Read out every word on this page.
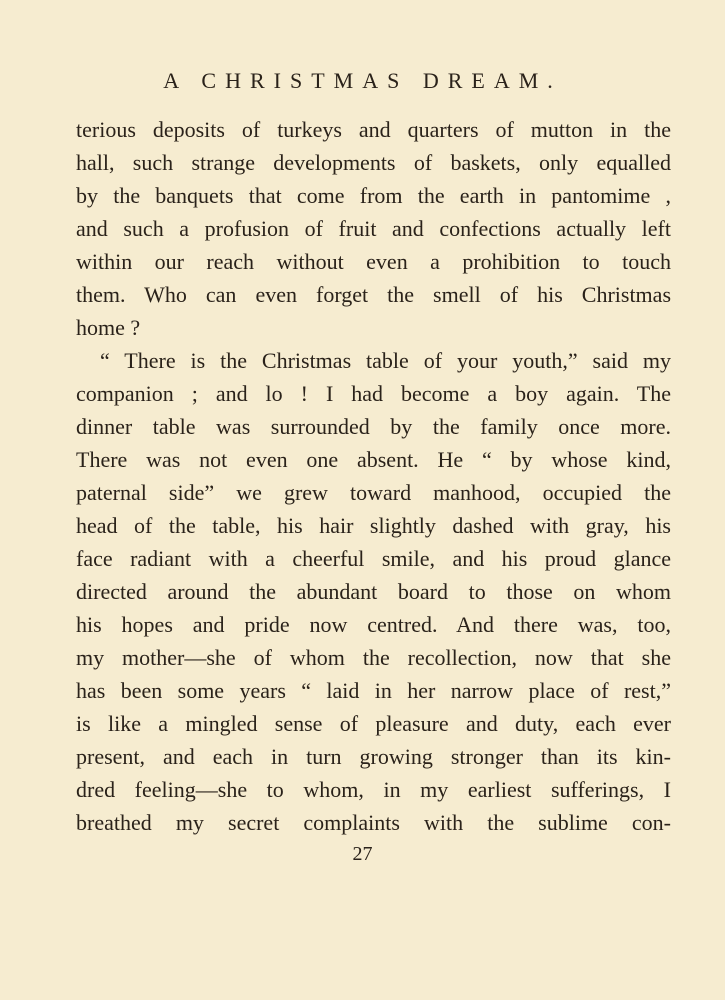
A CHRISTMAS DREAM.
terious deposits of turkeys and quarters of mutton in the
hall, such strange developments of baskets, only equalled
by the banquets that come from the earth in pantomime ,
and such a profusion of fruit and confections actually left
within our reach without even a prohibition to touch
them. Who can even forget the smell of his Christmas
home ?
“ There is the Christmas table of your youth,” said my
companion ; and lo ! I had become a boy again. The
dinner table was surrounded by the family once more.
There was not even one absent. He “ by whose kind,
paternal side” we grew toward manhood, occupied the
head of the table, his hair slightly dashed with gray, his
face radiant with a cheerful smile, and his proud glance
directed around the abundant board to those on whom
his hopes and pride now centred. And there was, too,
my mother—she of whom the recollection, now that she
has been some years “ laid in her narrow place of rest,”
is like a mingled sense of pleasure and duty, each ever
present, and each in turn growing stronger than its kin-
dred feeling—she to whom, in my earliest sufferings, I
breathed my secret complaints with the sublime con-
27
